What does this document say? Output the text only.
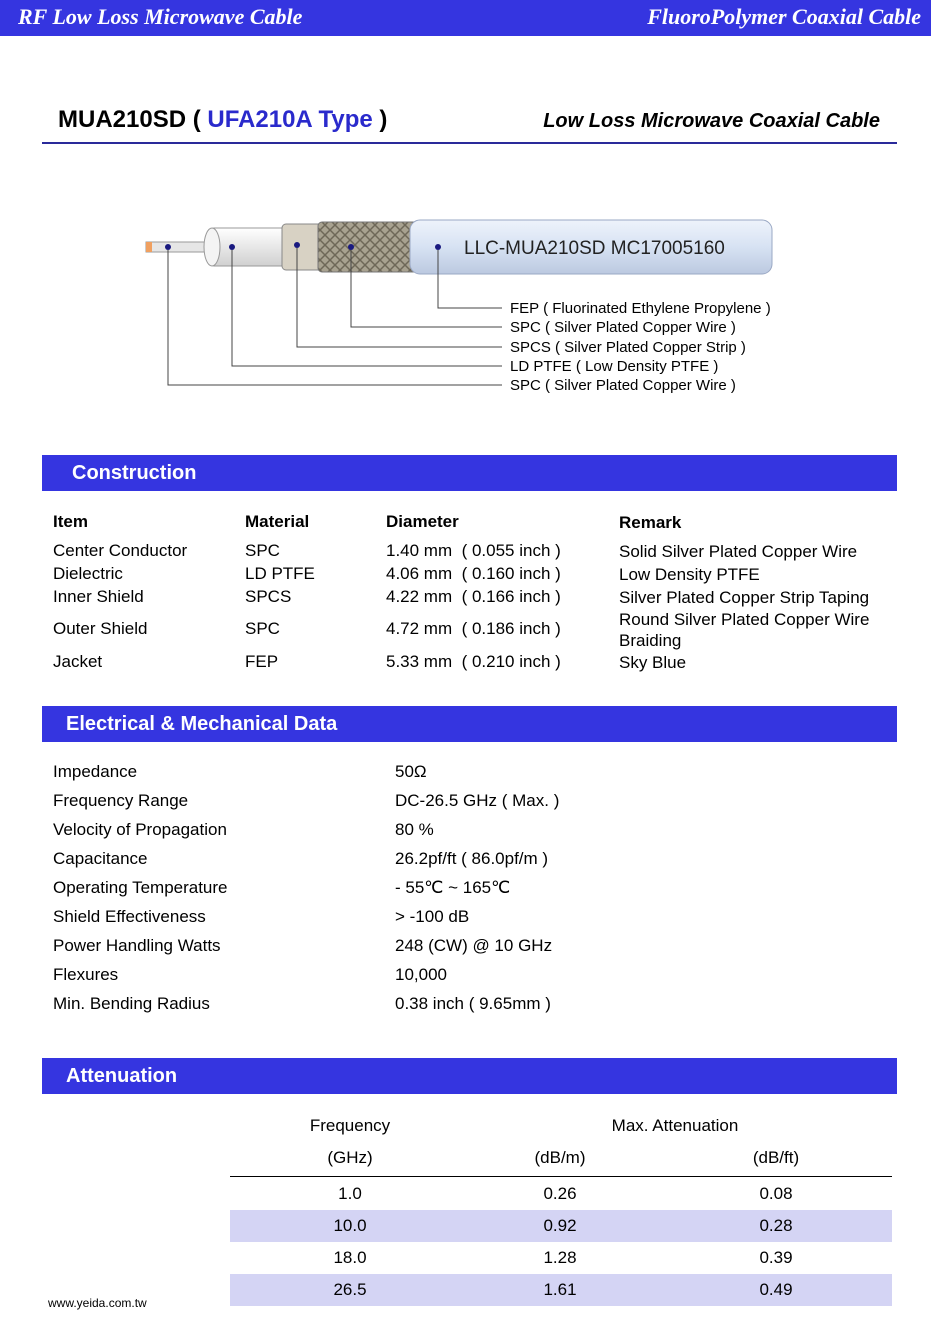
RF Low Loss Microwave Cable	FluoroPolymer Coaxial Cable
MUA210SD ( UFA210A Type )	Low Loss Microwave Coaxial Cable
LLC-MUA210SD MC17005160
FEP ( Fluorinated Ethylene Propylene )
SPC ( Silver Plated Copper Wire )
SPCS ( Silver Plated Copper Strip )
LD PTFE ( Low Density PTFE )
SPC ( Silver Plated Copper Wire )
Construction
Item	Material	Diameter	Remark
Center Conductor	SPC	1.40 mm  ( 0.055 inch )	Solid Silver Plated Copper Wire
Dielectric	LD PTFE	4.06 mm  ( 0.160 inch )	Low Density PTFE
Inner Shield	SPCS	4.22 mm  ( 0.166 inch )	Silver Plated Copper Strip Taping
Outer Shield	SPC	4.72 mm  ( 0.186 inch )	Round Silver Plated Copper Wire Braiding
Jacket	FEP	5.33 mm  ( 0.210 inch )	Sky Blue
Electrical & Mechanical Data
Impedance	50Ω
Frequency Range	DC-26.5 GHz ( Max. )
Velocity of Propagation	80 %
Capacitance	26.2pf/ft ( 86.0pf/m )
Operating Temperature	- 55℃ ~ 165℃
Shield Effectiveness	> -100 dB
Power Handling Watts	248 (CW) @ 10 GHz
Flexures	10,000
Min. Bending Radius	0.38 inch ( 9.65mm )
Attenuation
Frequency	Max. Attenuation
(GHz)	(dB/m)	(dB/ft)
1.0	0.26	0.08
10.0	0.92	0.28
18.0	1.28	0.39
26.5	1.61	0.49
www.yeida.com.tw
